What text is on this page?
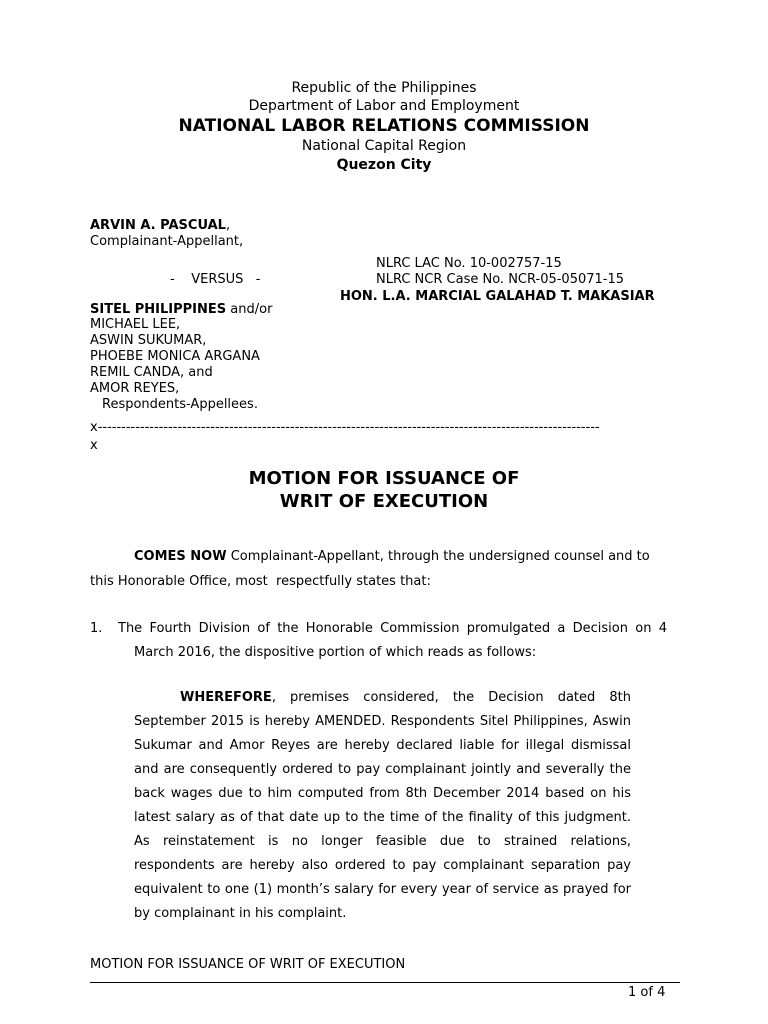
Republic of the Philippines
Department of Labor and Employment
NATIONAL LABOR RELATIONS COMMISSION
National Capital Region
Quezon City
ARVIN A. PASCUAL,
Complainant-Appellant,
NLRC LAC No. 10-002757-15
-    VERSUS   -	NLRC NCR Case No. NCR-05-05071-15
HON. L.A. MARCIAL GALAHAD T. MAKASIAR
SITEL PHILIPPINES and/or
MICHAEL LEE,
ASWIN SUKUMAR,
PHOEBE MONICA ARGANA
REMIL CANDA, and
AMOR REYES,
Respondents-Appellees.
x-----------------------------------------------------------------------------------------------------------
x
MOTION FOR ISSUANCE OF
WRIT OF EXECUTION
COMES NOW Complainant-Appellant, through the undersigned counsel and to
this Honorable Office, most  respectfully states that:
1. The Fourth Division of the Honorable Commission promulgated a Decision on 4
March 2016, the dispositive portion of which reads as follows:
WHEREFORE, premises considered, the Decision dated 8th
September 2015 is hereby AMENDED. Respondents Sitel Philippines, Aswin
Sukumar and Amor Reyes are hereby declared liable for illegal dismissal
and are consequently ordered to pay complainant jointly and severally the
back wages due to him computed from 8th December 2014 based on his
latest salary as of that date up to the time of the finality of this judgment.
As reinstatement is no longer feasible due to strained relations,
respondents are hereby also ordered to pay complainant separation pay
equivalent to one (1) month’s salary for every year of service as prayed for
by complainant in his complaint.
MOTION FOR ISSUANCE OF WRIT OF EXECUTION
1 of 4
